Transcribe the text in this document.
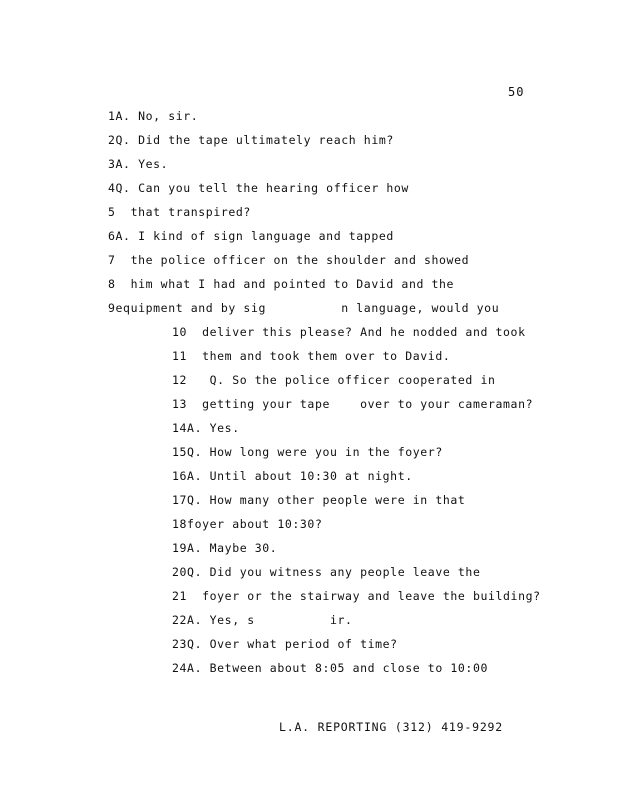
50
1A. No, sir.
2Q. Did the tape ultimately reach him?
3A. Yes.
4Q. Can you tell the hearing officer how
5  that transpired?
6A. I kind of sign language and tapped
7  the police officer on the shoulder and showed
8  him what I had and pointed to David and the
9equipment and by sig          n language, would you
10  deliver this please? And he nodded and took
11  them and took them over to David.
12   Q. So the police officer cooperated in
13  getting your tape    over to your cameraman?
14A. Yes.
15Q. How long were you in the foyer?
16A. Until about 10:30 at night.
17Q. How many other people were in that
18foyer about 10:30?
19A. Maybe 30.
20Q. Did you witness any people leave the
21  foyer or the stairway and leave the building?
22A. Yes, s          ir.
23Q. Over what period of time?
24A. Between about 8:05 and close to 10:00
L.A. REPORTING (312) 419-9292
